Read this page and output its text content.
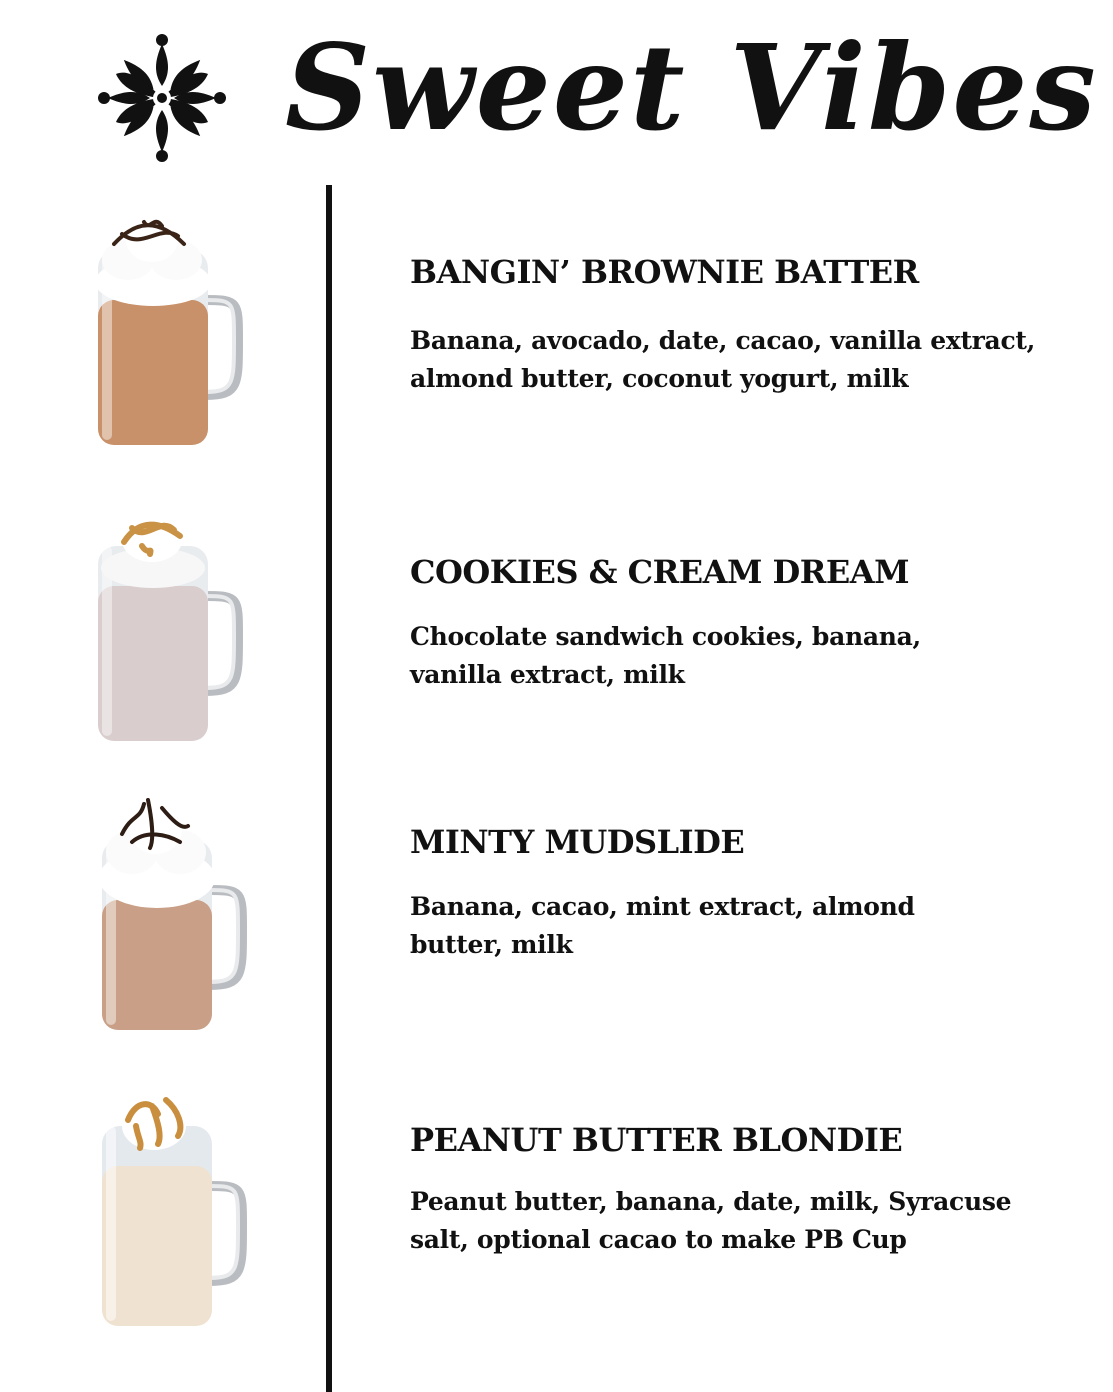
Sweet Vibes
BANGIN’ BROWNIE BATTER
Banana, avocado, date, cacao, vanilla extract,
almond butter, coconut yogurt, milk
COOKIES & CREAM DREAM
Chocolate sandwich cookies, banana,
vanilla extract, milk
MINTY MUDSLIDE
Banana, cacao, mint extract, almond
butter, milk
PEANUT BUTTER BLONDIE
Peanut butter, banana, date, milk, Syracuse
salt, optional cacao to make PB Cup
